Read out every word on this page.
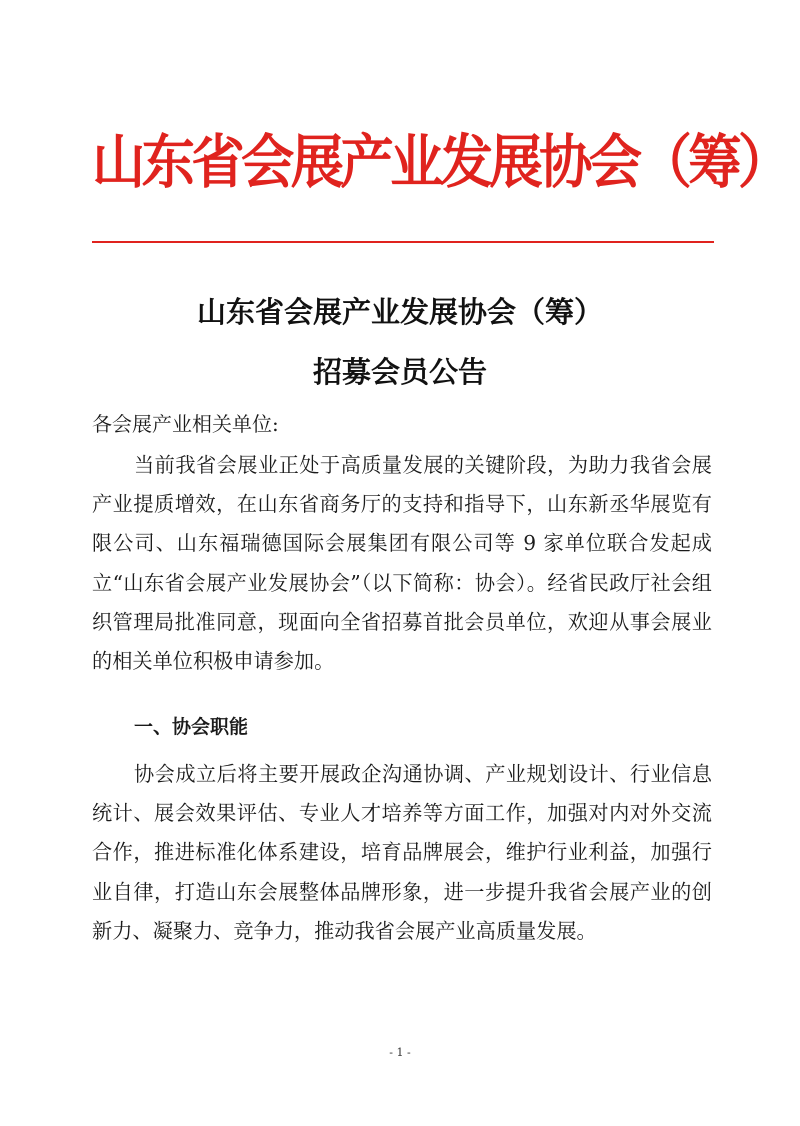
山东省会展产业发展协会（筹）
山东省会展产业发展协会（筹）
招募会员公告
各会展产业相关单位:

当前我省会展业正处于高质量发展的关键阶段，为助力我省会展产业提质增效，在山东省商务厅的支持和指导下，山东新丞华展览有限公司、山东福瑞德国际会展集团有限公司等 9 家单位联合发起成立“山东省会展产业发展协会”（以下简称：协会）。经省民政厅社会组织管理局批准同意，现面向全省招募首批会员单位，欢迎从事会展业的相关单位积极申请参加。

一、协会职能

协会成立后将主要开展政企沟通协调、产业规划设计、行业信息统计、展会效果评估、专业人才培养等方面工作，加强对内对外交流合作，推进标准化体系建设，培育品牌展会，维护行业利益，加强行业自律，打造山东会展整体品牌形象，进一步提升我省会展产业的创新力、凝聚力、竞争力，推动我省会展产业高质量发展。

- 1 -
